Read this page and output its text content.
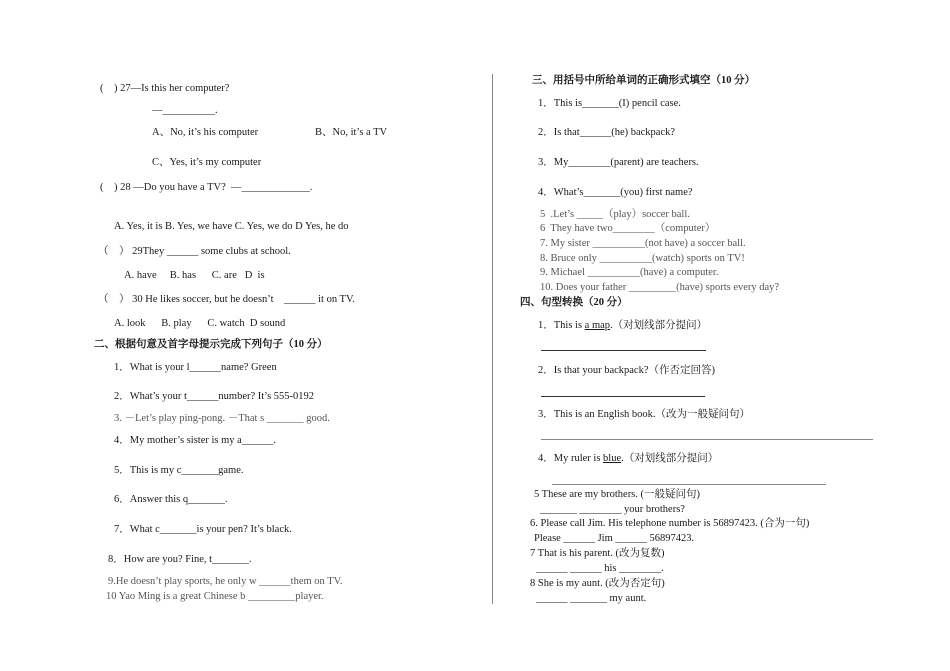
(    ) 27—Is this her computer?
—__________.
A、No, it’s his computer	B、No, it’s a TV
C、Yes, it’s my computer
(    ) 28 —Do you have a TV?  —_____________.
A. Yes, it is B. Yes, we have C. Yes, we do D Yes, he do
（    ） 29They ______ some clubs at school.
A. have     B. has      C. are   D  is
（    ） 30 He likes soccer, but he doesn’t    ______ it on TV.
A. look      B. play      C. watch  D sound
二、根据句意及首字母提示完成下列句子（10 分）
1．What is your l______name? Green
2．What’s your t______number? It’s 555-0192
3. －Let’s play ping-pong. －That s _______ good.
4．My mother’s sister is my a______.
5．This is my c_______game.
6．Answer this q_______.
7．What c_______is your pen? It’s black.
8．How are you? Fine, t_______.
9.He doesn’t play sports, he only w ______them on TV.
10 Yao Ming is a great Chinese b _________player.
三、用括号中所给单词的正确形式填空（10 分）
1．This is_______(I) pencil case.
2．Is that______(he) backpack?
3．My________(parent) are teachers.
4．What’s_______(you) first name?
5  .Let’s _____（play）soccer ball.
6  They have two________（computer）
7. My sister __________(not have) a soccer ball.
8. Bruce only __________(watch) sports on TV!
9. Michael __________(have) a computer.
10. Does your father _________(have) sports every day?
四、句型转换（20 分）
1．This is a map.（对划线部分提问）
2．Is that your backpack?（作否定回答)
3．This is an English book.（改为一般疑问句）
4．My ruler is blue.（对划线部分提问）
5 These are my brothers. (一般疑问句)
_______ ________ your brothers?
6. Please call Jim. His telephone number is 56897423. (合为一句)
Please ______ Jim ______ 56897423.
7 That is his parent. (改为复数)
______ ______ his ________.
8 She is my aunt. (改为否定句)
______ _______ my aunt.
